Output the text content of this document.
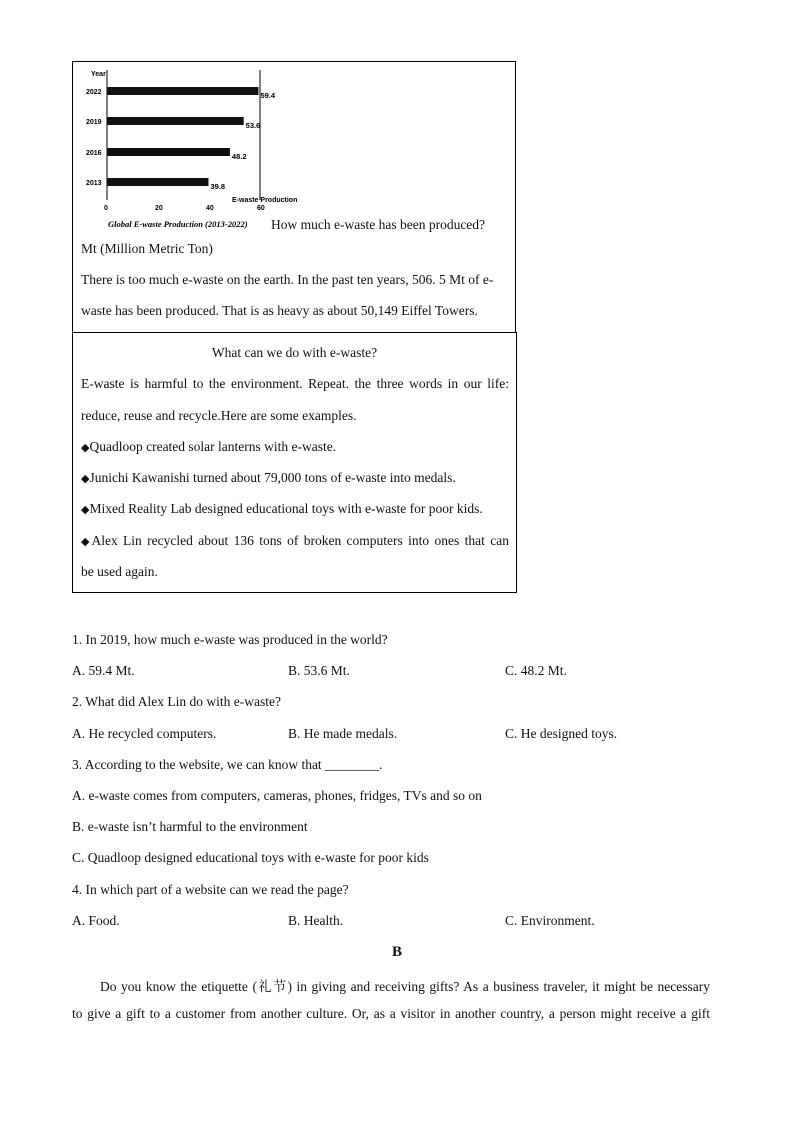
Year
2022	59.4
2019	53.6
2016	48.2
2013	39.8
0	20	40	60
E-waste Production
Global E-waste Production (2013-2022) How much e-waste has been produced?
Mt (Million Metric Ton)
There is too much e-waste on the earth. In the past ten years, 506. 5 Mt of e-
waste has been produced. That is as heavy as about 50,149 Eiffel Towers.
What can we do with e-waste?
E-waste is harmful to the environment. Repeat. the three words in our life:
reduce, reuse and recycle.Here are some examples.
◆Quadloop created solar lanterns with e-waste.
◆Junichi Kawanishi turned about 79,000 tons of e-waste into medals.
◆Mixed Reality Lab designed educational toys with e-waste for poor kids.
◆Alex Lin recycled about 136 tons of broken computers into ones that can
be used again.
1. In 2019, how much e-waste was produced in the world?
A. 59.4 Mt.	B. 53.6 Mt.	C. 48.2 Mt.
2. What did Alex Lin do with e-waste?
A. He recycled computers.	B. He made medals.	C. He designed toys.
3. According to the website, we can know that ________.
A. e-waste comes from computers, cameras, phones, fridges, TVs and so on
B. e-waste isn’t harmful to the environment
C. Quadloop designed educational toys with e-waste for poor kids
4. In which part of a website can we read the page?
A. Food.	B. Health.	C. Environment.
B
Do you know the etiquette (礼节) in giving and receiving gifts? As a business traveler, it might be necessary
to give a gift to a customer from another culture. Or, as a visitor in another country, a person might receive a gift
